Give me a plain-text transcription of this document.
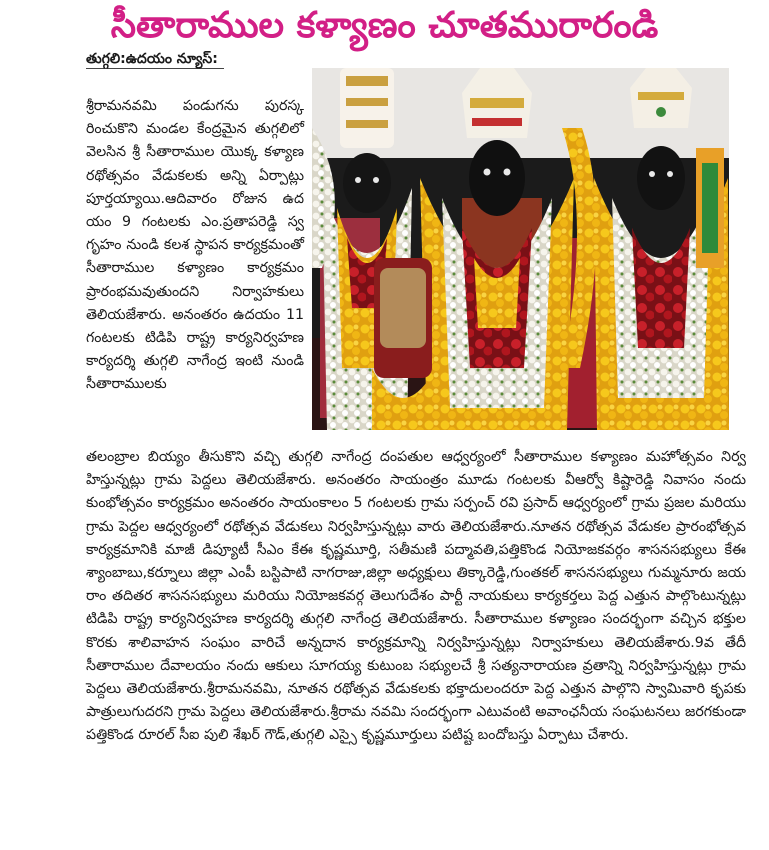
సీతారాముల కళ్యాణం చూతమురారండి
తుగ్గలి:ఉదయం న్యూస్:
శ్రీరామనవమి పండుగను పురస్కరించుకొని మండల కేంద్రమైన తుగ్గలిలో వెలసిన శ్రీ సీతారాముల యొక్క కళ్యాణ రథోత్సవం వేడుకలకు అన్ని ఏర్పాట్లు పూర్తయ్యాయి.ఆదివారం రోజున ఉదయం 9 గంటలకు ఎం.ప్రతాపరెడ్డి స్వగృహం నుండి కలశ స్థాపన కార్యక్రమంతో సీతారాముల కళ్యాణం కార్యక్రమం ప్రారంభమవుతుందని నిర్వాహకులు తెలియజేశారు. అనంతరం ఉదయం 11 గంటలకు టిడిపి రాష్ట్ర కార్యనిర్వహణ కార్యదర్శి తుగ్గలి నాగేంద్ర ఇంటి నుండి సీతారాములకు
తలంబ్రాల బియ్యం తీసుకొని వచ్చి తుగ్గలి నాగేంద్ర దంపతుల ఆధ్వర్యంలో సీతారాముల కళ్యాణం మహోత్సవం నిర్వహిస్తున్నట్లు గ్రామ పెద్దలు తెలియజేశారు. అనంతరం సాయంత్రం మూడు గంటలకు వీఆర్వో కిష్టారెడ్డి నివాసం నందు కుంభోత్సవం కార్యక్రమం అనంతరం సాయంకాలం 5 గంటలకు గ్రామ సర్పంచ్ రవి ప్రసాద్ ఆధ్వర్యంలో గ్రామ ప్రజల మరియు గ్రామ పెద్దల ఆధ్వర్యంలో రథోత్సవ వేడుకలు నిర్వహిస్తున్నట్లు వారు తెలియజేశారు.నూతన రథోత్సవ వేడుకల ప్రారంభోత్సవ కార్యక్రమానికి మాజీ డిప్యూటీ సీఎం కేఈ కృష్ణమూర్తి, సతీమణి పద్మావతి,పత్తికొండ నియోజకవర్గం శాసనసభ్యులు కేఈ శ్యాంబాబు,కర్నూలు జిల్లా ఎంపీ బస్టిపాటి నాగరాజు,జిల్లా అధ్యక్షులు తిక్కారెడ్డి,గుంతకల్ శాసనసభ్యులు గుమ్మనూరు జయరాం తదితర శాసనసభ్యులు మరియు నియోజకవర్గ తెలుగుదేశం పార్టీ నాయకులు కార్యకర్తలు పెద్ద ఎత్తున పాల్గొంటున్నట్లు టిడిపి రాష్ట్ర కార్యనిర్వహణ కార్యదర్శి తుగ్గలి నాగేంద్ర తెలియజేశారు. సీతారాముల కళ్యాణం సందర్భంగా వచ్చిన భక్తుల కొరకు శాలివాహన సంఘం వారిచే అన్నదాన కార్యక్రమాన్ని నిర్వహిస్తున్నట్లు నిర్వాహకులు తెలియజేశారు.9వ తేదీ సీతారాముల దేవాలయం నందు ఆకులు సూగయ్య కుటుంబ సభ్యులచే శ్రీ సత్యనారాయణ వ్రతాన్ని నిర్వహిస్తున్నట్లు గ్రామ పెద్దలు తెలియజేశారు.శ్రీరామనవమి, నూతన రథోత్సవ వేడుకలకు భక్తాదులందరూ పెద్ద ఎత్తున పాల్గొని స్వామివారి కృపకు పాత్రులుగుదరని గ్రామ పెద్దలు తెలియజేశారు.శ్రీరామ నవమి సందర్భంగా ఎటువంటి అవాంఛనీయ సంఘటనలు జరగకుండా పత్తికొండ రూరల్ సీఐ పులి శేఖర్ గౌడ్,తుగ్గలి ఎస్సై కృష్ణమూర్తులు పటిష్ట బందోబస్తు ఏర్పాటు చేశారు.
